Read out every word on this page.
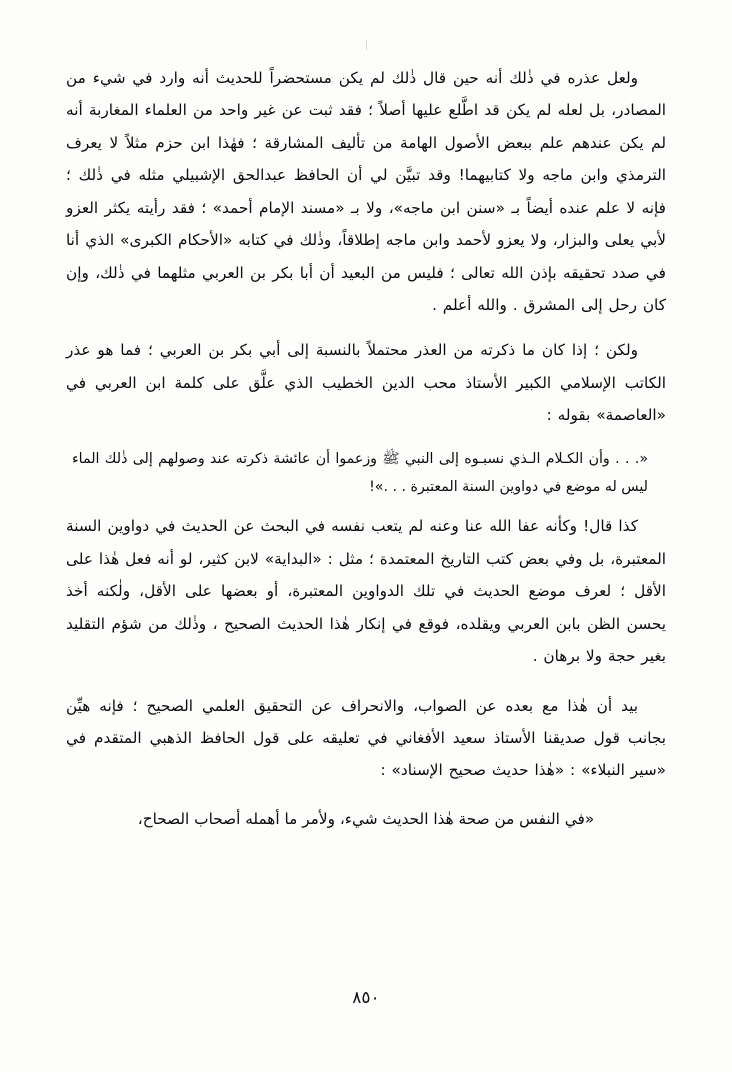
ولعل عذره في ذٰلك أنه حين قال ذٰلك لم يكن مستحضراً للحديث أنه وارد في شيء من المصادر، بل لعله لم يكن قد اطَّلع عليها أصلاً ؛ فقد ثبت عن غير واحد من العلماء المغاربة أنه لم يكن عندهم علم ببعض الأصول الهامة من تأليف المشارقة ؛ فهٰذا ابن حزم مثلاً لا يعرف الترمذي وابن ماجه ولا كتابيهما! وقد تبيَّن لي أن الحافظ عبدالحق الإشبيلي مثله في ذٰلك ؛ فإنه لا علم عنده أيضاً بـ «سنن ابن ماجه»، ولا بـ «مسند الإمام أحمد» ؛ فقد رأيته يكثر العزو لأبي يعلى والبزار، ولا يعزو لأحمد وابن ماجه إطلاقاً، وذٰلك في كتابه «الأحكام الكبرى» الذي أنا في صدد تحقيقه بإذن الله تعالى ؛ فليس من البعيد أن أبا بكر بن العربي مثلهما في ذٰلك، وإن كان رحل إلى المشرق . والله أعلم .

ولكن ؛ إذا كان ما ذكرته من العذر محتملاً بالنسبة إلى أبي بكر بن العربي ؛ فما هو عذر الكاتب الإسلامي الكبير الأستاذ محب الدين الخطيب الذي علَّق على كلمة ابن العربي في «العاصمة» بقوله :

«. . . وأن الكـلام الـذي نسبـوه إلى النبي ﷺ وزعموا أن عائشة ذكرته عند وصولهم إلى ذٰلك الماء ليس له موضع في دواوين السنة المعتبرة . . .»!

كذا قال! وكأنه عفا الله عنا وعنه لم يتعب نفسه في البحث عن الحديث في دواوين السنة المعتبرة، بل وفي بعض كتب التاريخ المعتمدة ؛ مثل : «البداية» لابن كثير، لو أنه فعل هٰذا على الأقل ؛ لعرف موضع الحديث في تلك الدواوين المعتبرة، أو بعضها على الأقل، ولٰكنه أخذ يحسن الظن بابن العربي ويقلده، فوقع في إنكار هٰذا الحديث الصحيح ، وذٰلك من شؤم التقليد بغير حجة ولا برهان .

بيد أن هٰذا مع بعده عن الصواب، والانحراف عن التحقيق العلمي الصحيح ؛ فإنه هيِّن بجانب قول صديقنا الأستاذ سعيد الأفغاني في تعليقه على قول الحافظ الذهبي المتقدم في «سير النبلاء» : «هٰذا حديث صحيح الإسناد» :

«في النفس من صحة هٰذا الحديث شيء، ولأمر ما أهمله أصحاب الصحاح،

٨٥٠
